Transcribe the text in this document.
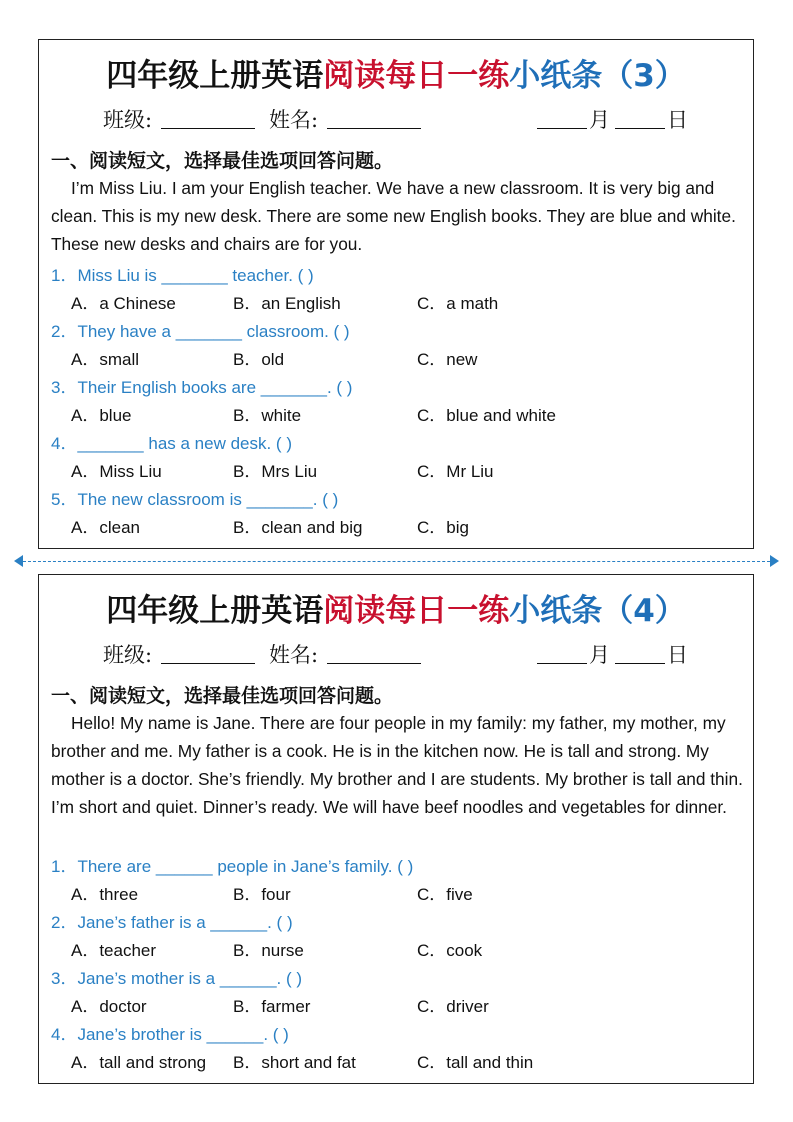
四年级上册英语阅读每日一练小纸条（3）
班级:	姓名:	月	日
一、阅读短文，选择最佳选项回答问题。
I’m Miss Liu. I am your English teacher. We have a new classroom. It is very big and clean. This is my new desk. There are some new English books. They are blue and white. These new desks and chairs are for you.
1．Miss Liu is _______ teacher. ( )
A．a Chinese	B．an English	C．a math
2．They have a _______ classroom. ( )
A．small	B．old	C．new
3．Their English books are _______. ( )
A．blue	B．white	C．blue and white
4．_______ has a new desk. ( )
A．Miss Liu	B．Mrs Liu	C．Mr Liu
5．The new classroom is _______. ( )
A．clean	B．clean and big	C．big
四年级上册英语阅读每日一练小纸条（4）
班级:	姓名:	月	日
一、阅读短文，选择最佳选项回答问题。
Hello! My name is Jane. There are four people in my family: my father, my mother, my brother and me. My father is a cook. He is in the kitchen now. He is tall and strong. My mother is a doctor. She’s friendly. My brother and I are students. My brother is tall and thin. I’m short and quiet. Dinner’s ready. We will have beef noodles and vegetables for dinner.
1．There are ______ people in Jane’s family. ( )
A．three	B．four	C．five
2．Jane’s father is a ______. ( )
A．teacher	B．nurse	C．cook
3．Jane’s mother is a ______. ( )
A．doctor	B．farmer	C．driver
4．Jane’s brother is ______. ( )
A．tall and strong B．short and fat	C．tall and thin
